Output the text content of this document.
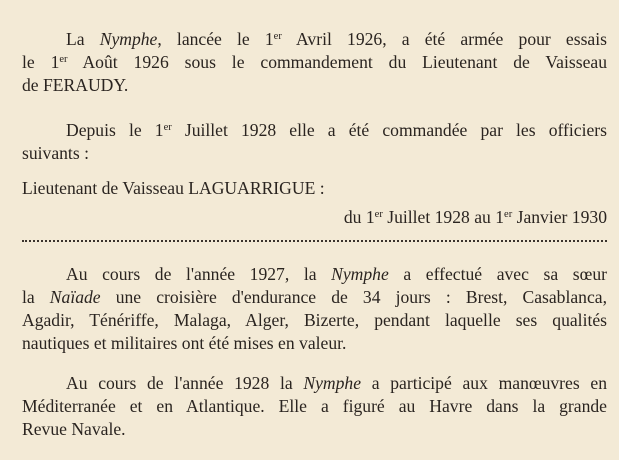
La Nymphe, lancée le 1er Avril 1926, a été armée pour essais
le 1er Août 1926 sous le commandement du Lieutenant de Vaisseau
de FERAUDY.
Depuis le 1er Juillet 1928 elle a été commandée par les officiers
suivants :
Lieutenant de Vaisseau LAGUARRIGUE :
du 1er Juillet 1928 au 1er Janvier 1930
Au cours de l'année 1927, la Nymphe a effectué avec sa sœur
la Naïade une croisière d'endurance de 34 jours : Brest, Casablanca,
Agadir, Ténériffe, Malaga, Alger, Bizerte, pendant laquelle ses qualités
nautiques et militaires ont été mises en valeur.
Au cours de l'année 1928 la Nymphe a participé aux manœuvres en
Méditerranée et en Atlantique. Elle a figuré au Havre dans la grande
Revue Navale.
